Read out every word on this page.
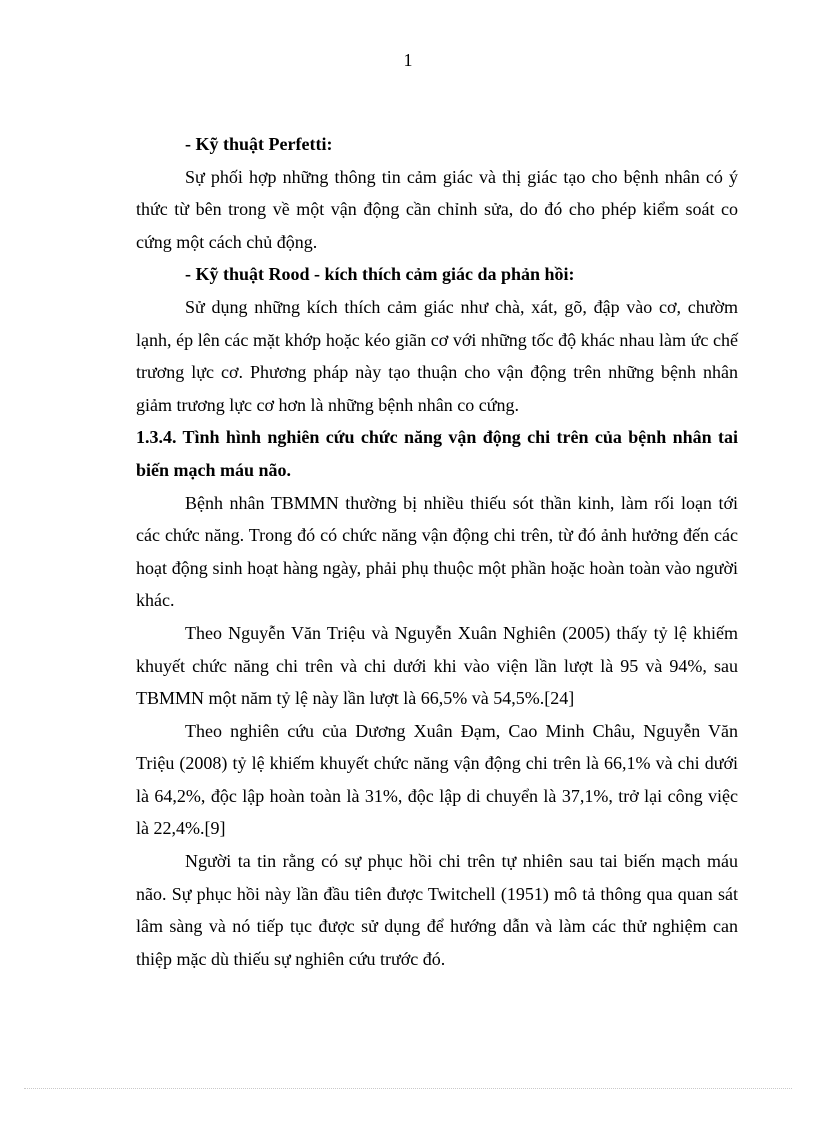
1

- Kỹ thuật Perfetti:

Sự phối hợp những thông tin cảm giác và thị giác tạo cho bệnh nhân có ý thức từ bên trong về một vận động cần chỉnh sửa, do đó cho phép kiểm soát co cứng một cách chủ động.

- Kỹ thuật Rood - kích thích cảm giác da phản hồi:

Sử dụng những kích thích cảm giác như chà, xát, gõ, đập vào cơ, chườm lạnh, ép lên các mặt khớp hoặc kéo giãn cơ với những tốc độ khác nhau làm ức chế trương lực cơ. Phương pháp này tạo thuận cho vận động trên những bệnh nhân giảm trương lực cơ hơn là những bệnh nhân co cứng.

1.3.4. Tình hình nghiên cứu chức năng vận động chi trên của bệnh nhân tai biến mạch máu não.

Bệnh nhân TBMMN thường bị nhiều thiếu sót thần kinh, làm rối loạn tới các chức năng. Trong đó có chức năng vận động chi trên, từ đó ảnh hưởng đến các hoạt động sinh hoạt hàng ngày, phải phụ thuộc một phần hoặc hoàn toàn vào người khác.

Theo Nguyễn Văn Triệu và Nguyễn Xuân Nghiên (2005) thấy tỷ lệ khiếm khuyết chức năng chi trên và chi dưới khi vào viện lần lượt là 95 và 94%, sau TBMMN một năm tỷ lệ này lần lượt là 66,5% và 54,5%.[24]

Theo nghiên cứu của Dương Xuân Đạm, Cao Minh Châu, Nguyễn Văn Triệu (2008) tỷ lệ khiếm khuyết chức năng vận động chi trên là 66,1% và chi dưới là 64,2%, độc lập hoàn toàn là 31%, độc lập di chuyển là 37,1%, trở lại công việc là 22,4%.[9]

Người ta tin rằng có sự phục hồi chi trên tự nhiên sau tai biến mạch máu não. Sự phục hồi này lần đầu tiên được Twitchell (1951) mô tả thông qua quan sát lâm sàng và nó tiếp tục được sử dụng để hướng dẫn và làm các thử nghiệm can thiệp mặc dù thiếu sự nghiên cứu trước đó.
